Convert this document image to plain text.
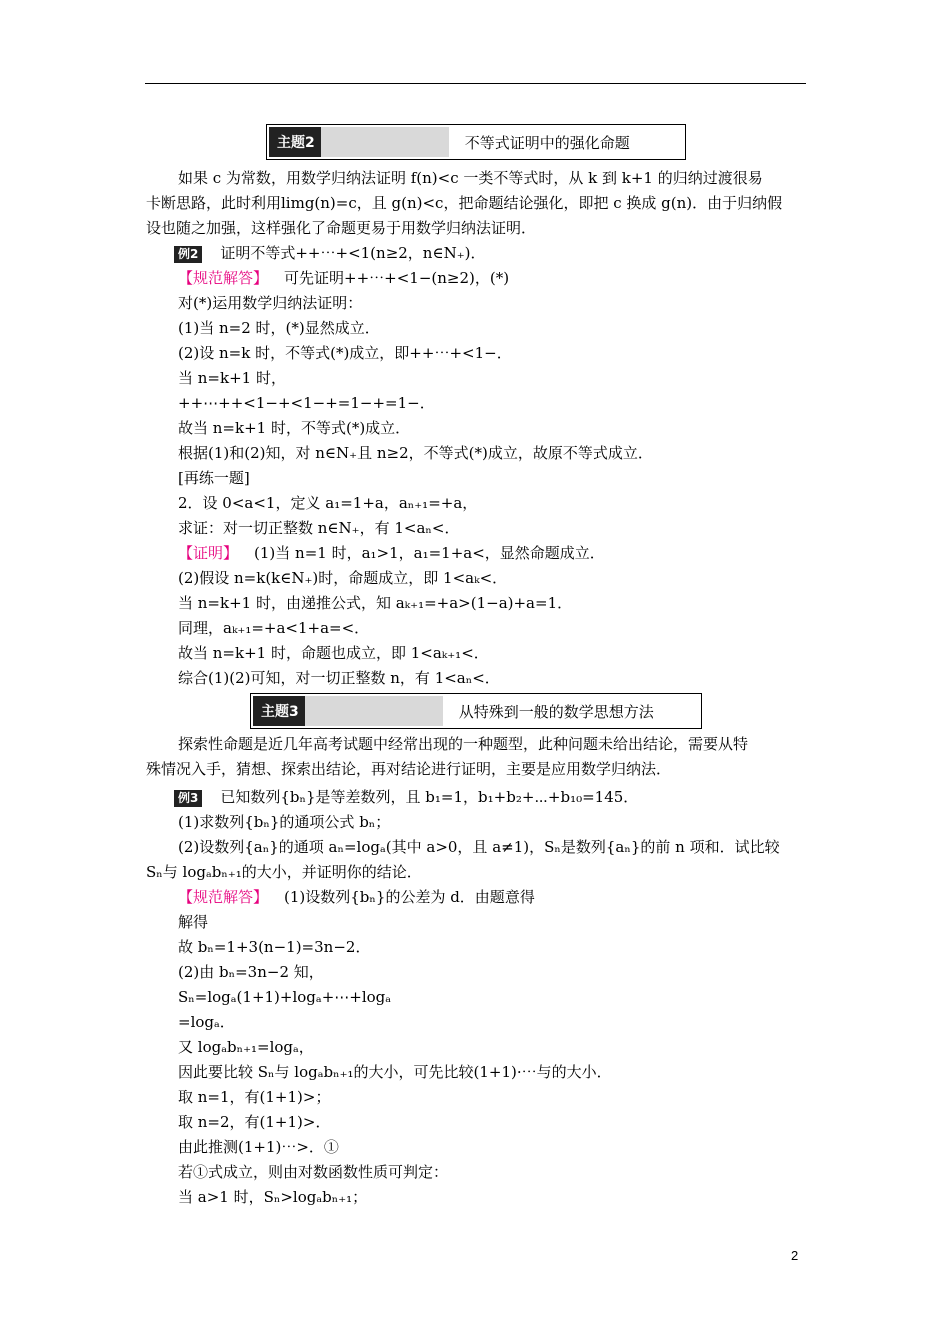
主题2	不等式证明中的强化命题
如果 c 为常数，用数学归纳法证明 f(n)<c 一类不等式时，从 k 到 k+1 的归纳过渡很易
卡断思路，此时利用limg(n)=c，且 g(n)<c，把命题结论强化，即把 c 换成 g(n)．由于归纳假
设也随之加强，这样强化了命题更易于用数学归纳法证明．
例2 证明不等式++⋯+<1(n≥2，n∈N₊)．
【规范解答】 可先证明++⋯+<1−(n≥2)，(*)
对(*)运用数学归纳法证明：
(1)当 n=2 时，(*)显然成立．
(2)设 n=k 时，不等式(*)成立，即++⋯+<1−．
当 n=k+1 时，
++⋯++<1−+<1−+=1−+=1−．
故当 n=k+1 时，不等式(*)成立．
根据(1)和(2)知，对 n∈N₊且 n≥2，不等式(*)成立，故原不等式成立．
[再练一题]
2．设 0<a<1，定义 a₁=1+a，aₙ₊₁=+a，
求证：对一切正整数 n∈N₊，有 1<aₙ<．
【证明】 (1)当 n=1 时，a₁>1，a₁=1+a<，显然命题成立．
(2)假设 n=k(k∈N₊)时，命题成立，即 1<aₖ<．
当 n=k+1 时，由递推公式，知 aₖ₊₁=+a>(1−a)+a=1．
同理，aₖ₊₁=+a<1+a=<．
故当 n=k+1 时，命题也成立，即 1<aₖ₊₁<．
综合(1)(2)可知，对一切正整数 n，有 1<aₙ<．
主题3	从特殊到一般的数学思想方法
探索性命题是近几年高考试题中经常出现的一种题型，此种问题未给出结论，需要从特
殊情况入手，猜想、探索出结论，再对结论进行证明，主要是应用数学归纳法．
例3 已知数列{bₙ}是等差数列，且 b₁=1，b₁+b₂+⋯+b₁₀=145．
(1)求数列{bₙ}的通项公式 bₙ；
(2)设数列{aₙ}的通项 aₙ=logₐ(其中 a>0，且 a≠1)，Sₙ是数列{aₙ}的前 n 项和．试比较
Sₙ与 logₐbₙ₊₁的大小，并证明你的结论．
【规范解答】 (1)设数列{bₙ}的公差为 d．由题意得
解得
故 bₙ=1+3(n−1)=3n−2．
(2)由 bₙ=3n−2 知，
Sₙ=logₐ(1+1)+logₐ+⋯+logₐ
=logₐ．
又 logₐbₙ₊₁=logₐ，
因此要比较 Sₙ与 logₐbₙ₊₁的大小，可先比较(1+1)·⋯与的大小．
取 n=1，有(1+1)>；
取 n=2，有(1+1)>．
由此推测(1+1)⋯>．①
若①式成立，则由对数函数性质可判定：
当 a>1 时，Sₙ>logₐbₙ₊₁；
2
